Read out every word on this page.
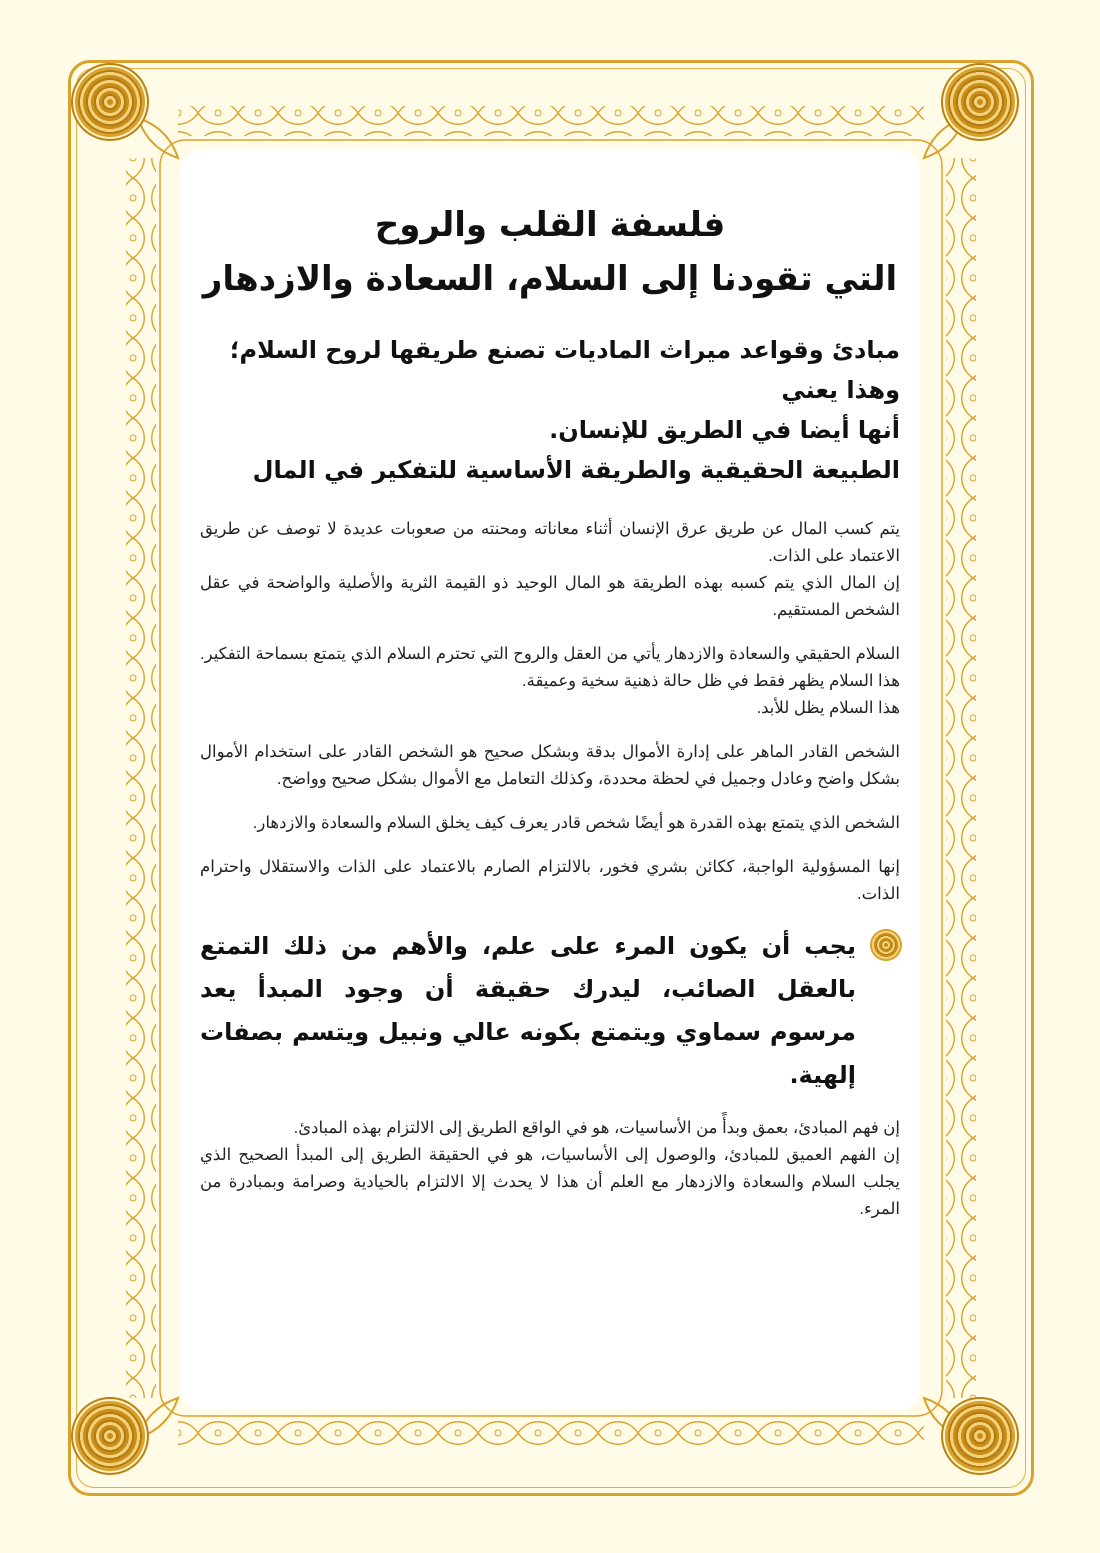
فلسفة القلب والروح
التي تقودنا إلى السلام، السعادة والازدهار
مبادئ وقواعد ميراث الماديات تصنع طريقها لروح السلام؛ وهذا يعني
أنها أيضا في الطريق للإنسان.
الطبيعة الحقيقية والطريقة الأساسية للتفكير في المال
يتم كسب المال عن طريق عرق الإنسان أثناء معاناته ومحنته من صعوبات عديدة لا توصف عن طريق الاعتماد على الذات.
إن المال الذي يتم كسبه بهذه الطريقة هو المال الوحيد ذو القيمة الثرية والأصلية والواضحة في عقل الشخص المستقيم.
السلام الحقيقي والسعادة والازدهار يأتي من العقل والروح التي تحترم السلام الذي يتمتع بسماحة التفكير. هذا السلام يظهر فقط في ظل حالة ذهنية سخية وعميقة.
هذا السلام يظل للأبد.
الشخص القادر الماهر على إدارة الأموال بدقة وبشكل صحيح هو الشخص القادر على استخدام الأموال بشكل واضح وعادل وجميل في لحظة محددة، وكذلك التعامل مع الأموال بشكل صحيح وواضح.
الشخص الذي يتمتع بهذه القدرة هو أيضًا شخص قادر يعرف كيف يخلق السلام والسعادة والازدهار.
إنها المسؤولية الواجبة، ككائن بشري فخور، بالالتزام الصارم بالاعتماد على الذات والاستقلال واحترام الذات.
يجب أن يكون المرء على علم، والأهم من ذلك التمتع بالعقل الصائب، ليدرك حقيقة أن وجود المبدأ يعد مرسوم سماوي ويتمتع بكونه عالي ونبيل ويتسم بصفات إلهية.
إن فهم المبادئ، بعمق وبدأً من الأساسيات، هو في الواقع الطريق إلى الالتزام بهذه المبادئ.
إن الفهم العميق للمبادئ، والوصول إلى الأساسيات، هو في الحقيقة الطريق إلى المبدأ الصحيح الذي يجلب السلام والسعادة والازدهار مع العلم أن هذا لا يحدث إلا الالتزام بالحيادية وصرامة وبمبادرة من المرء.
